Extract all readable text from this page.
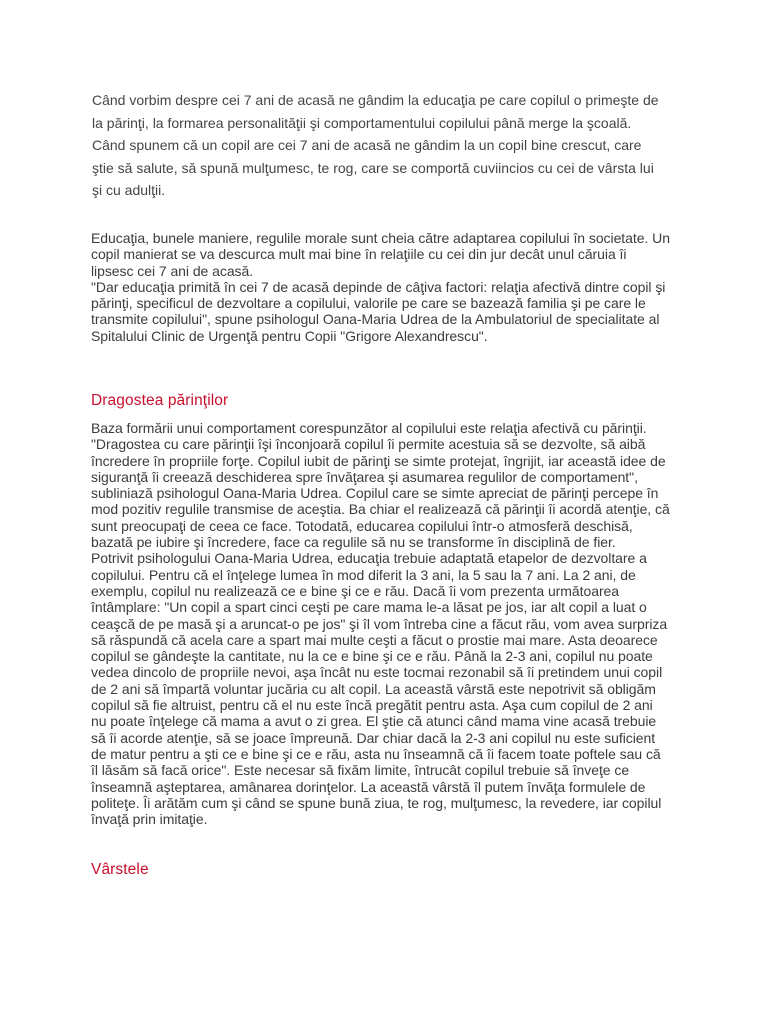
Când vorbim despre cei 7 ani de acasă ne gândim la educaţia pe care copilul o primeşte de la părinţi, la formarea personalităţii şi comportamentului copilului până merge la şcoală. Când spunem că un copil are cei 7 ani de acasă ne gândim la un copil bine crescut, care ştie să salute, să spună mulţumesc, te rog, care se comportă cuviincios cu cei de vârsta lui şi cu adulţii.

Educaţia, bunele maniere, regulile morale sunt cheia către adaptarea copilului în societate. Un copil manierat se va descurca mult mai bine în relaţiile cu cei din jur decât unul căruia îi lipsesc cei 7 ani de acasă.

"Dar educaţia primită în cei 7 de acasă depinde de câţiva factori: relaţia afectivă dintre copil şi părinţi, specificul de dezvoltare a copilului, valorile pe care se bazează familia şi pe care le transmite copilului", spune psihologul Oana-Maria Udrea de la Ambulatoriul de specialitate al Spitalului Clinic de Urgenţă pentru Copii "Grigore Alexandrescu".

Dragostea părinţilor

Baza formării unui comportament corespunzător al copilului este relaţia afectivă cu părinţii. "Dragostea cu care părinţii îşi înconjoară copilul îi permite acestuia să se dezvolte, să aibă încredere în propriile forţe. Copilul iubit de părinţi se simte protejat, îngrijit, iar această idee de siguranţă îi creează deschiderea spre învăţarea şi asumarea regulilor de comportament", subliniază psihologul Oana-Maria Udrea. Copilul care se simte apreciat de părinţi percepe în mod pozitiv regulile transmise de aceştia. Ba chiar el realizează că părinţii îi acordă atenţie, că sunt preocupaţi de ceea ce face. Totodată, educarea copilului într-o atmosferă deschisă, bazată pe iubire şi încredere, face ca regulile să nu se transforme în disciplină de fier.

Potrivit psihologului Oana-Maria Udrea, educaţia trebuie adaptată etapelor de dezvoltare a copilului. Pentru că el înţelege lumea în mod diferit la 3 ani, la 5 sau la 7 ani. La 2 ani, de exemplu, copilul nu realizează ce e bine şi ce e rău. Dacă îi vom prezenta următoarea întâmplare: "Un copil a spart cinci ceşti pe care mama le-a lăsat pe jos, iar alt copil a luat o ceaşcă de pe masă şi a aruncat-o pe jos" şi îl vom întreba cine a făcut rău, vom avea surpriza să răspundă că acela care a spart mai multe ceşti a făcut o prostie mai mare. Asta deoarece copilul se gândeşte la cantitate, nu la ce e bine şi ce e rău. Până la 2-3 ani, copilul nu poate vedea dincolo de propriile nevoi, aşa încât nu este tocmai rezonabil să îi pretindem unui copil de 2 ani să împartă voluntar jucăria cu alt copil. La această vârstă este nepotrivit să obligăm copilul să fie altruist, pentru că el nu este încă pregătit pentru asta. Aşa cum copilul de 2 ani nu poate înţelege că mama a avut o zi grea. El ştie că atunci când mama vine acasă trebuie să îi acorde atenţie, să se joace împreună. Dar chiar dacă la 2-3 ani copilul nu este suficient de matur pentru a şti ce e bine şi ce e rău, asta nu înseamnă că îi facem toate poftele sau că îl lăsăm să facă orice". Este necesar să fixăm limite, întrucât copilul trebuie să înveţe ce înseamnă aşteptarea, amânarea dorinţelor. La această vârstă îl putem învăţa formulele de politeţe. Îi arătăm cum şi când se spune bună ziua, te rog, mulţumesc, la revedere, iar copilul învaţă prin imitaţie.

Vârstele
